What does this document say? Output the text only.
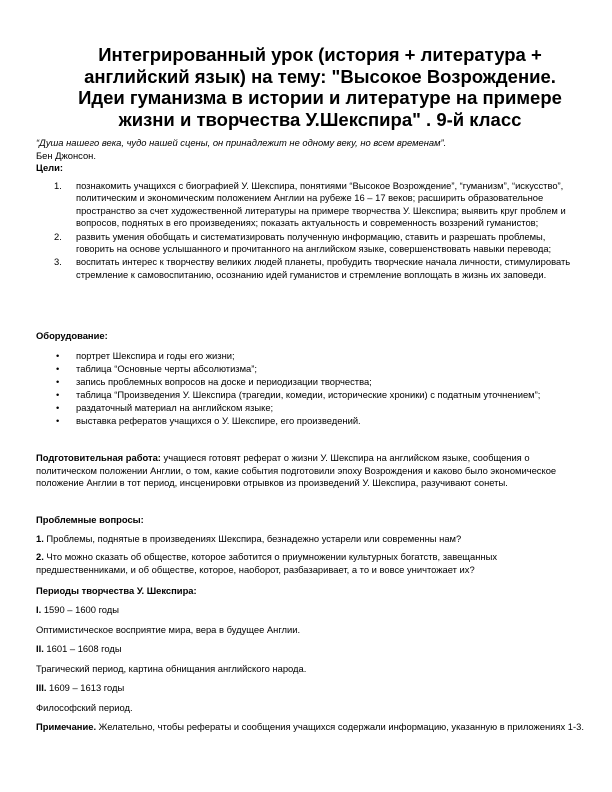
Интегрированный урок (история + литература +
английский язык) на тему: "Высокое Возрождение.
Идеи гуманизма в истории и литературе на примере
жизни и творчества У.Шекспира" . 9-й класс
“Душа нашего века, чудо нашей сцены, он принадлежит не одному веку, но всем временам”.
Бен Джонсон.
Цели:
1. познакомить учащихся с биографией У. Шекспира, понятиями “Высокое Возрождение”, “гуманизм”, “искусство”, политическим и экономическим положением Англии на рубеже 16 – 17 веков; расширить образовательное пространство за счет художественной литературы на примере творчества У. Шекспира; выявить круг проблем и вопросов, поднятых в его произведениях; показать актуальность и современность воззрений гуманистов;
2. развить умения обобщать и систематизировать полученную информацию, ставить и разрешать проблемы, говорить на основе услышанного и прочитанного на английском языке, совершенствовать навыки перевода;
3. воспитать интерес к творчеству великих людей планеты, пробудить творческие начала личности, стимулировать стремление к самовоспитанию, осознанию идей гуманистов и стремление воплощать в жизнь их заповеди.
Оборудование:
• портрет Шекспира и годы его жизни;
• таблица “Основные черты абсолютизма”;
• запись проблемных вопросов на доске и периодизации творчества;
• таблица “Произведения У. Шекспира (трагедии, комедии, исторические хроники) с податным уточнением”;
• раздаточный материал на английском языке;
• выставка рефератов учащихся о У. Шекспире, его произведений.
Подготовительная работа: учащиеся готовят реферат о жизни У. Шекспира на английском языке, сообщения о политическом положении Англии, о том, какие события подготовили эпоху Возрождения и каково было экономическое положение Англии в тот период, инсценировки отрывков из произведений У. Шекспира, разучивают сонеты.
Проблемные вопросы:
1. Проблемы, поднятые в произведениях Шекспира, безнадежно устарели или современны нам?
2. Что можно сказать об обществе, которое заботится о приумножении культурных богатств, завещанных предшественниками, и об обществе, которое, наоборот, разбазаривает, а то и вовсе уничтожает их?
Периоды творчества У. Шекспира:
I. 1590 – 1600 годы
Оптимистическое восприятие мира, вера в будущее Англии.
II. 1601 – 1608 годы
Трагический период, картина обнищания английского народа.
III. 1609 – 1613 годы
Философский период.
Примечание. Желательно, чтобы рефераты и сообщения учащихся содержали информацию, указанную в приложениях 1-3.
